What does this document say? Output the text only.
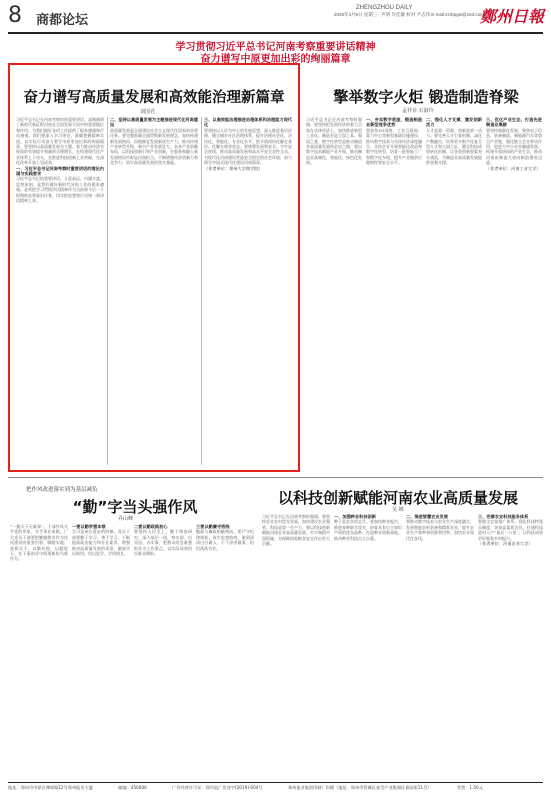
8 商都论坛
ZHENGZHOU DAILY
2025年4月9日 星期三 · 声明 许佳璇 校对 尹志伟 E-mail:zzrbpgw@163.com
鄭州日報
学习贯彻习近平总书记河南考察重要讲话精神
奋力谱写中原更加出彩的绚丽篇章
奋力谱写高质量发展和高效能治理新篇章
刘国君
习近平总书记在河南考察时的重要讲话，深刻阐明了新时代新征程河南在全国发展大局中的重要地位和作用，为我们做好各项工作提供了根本遵循和行动指南。我们要深入学习领会，准确把握精神实质，以实际行动奋力谱写中原更加出彩的绚丽篇章。要坚持以高质量发展为主题，着力推动经济实现质的有效提升和量的合理增长，在构建现代化产业体系上下功夫，在推进科技创新上求突破，在深化改革开放上见成效。
一、习近平总书记河南考察时重要讲话的理论内涵与实践要求
习近平总书记的重要讲话，立意高远、内涵丰富、思想深刻，是我们做好新时代河南工作的根本遵循。必须把学习贯彻讲话精神作为当前和今后一个时期的首要政治任务，切实把思想和行动统一到讲话精神上来。
二、坚持以高质量发展为主题推进现代化河南建设
高质量发展是全面建设社会主义现代化国家的首要任务。要完整准确全面贯彻新发展理念，加快构建新发展格局，因地制宜发展新质生产力，推动传统产业转型升级、新兴产业发展壮大、未来产业前瞻布局，以科技创新引领产业创新，在服务和融入新发展格局中彰显河南担当，不断增强经济创新力和竞争力，筑牢高质量发展的坚实基础。
三、以高效能治理推进治理体系和治理能力现代化
要坚持以人民为中心的发展思想，深入推进基层治理，健全城乡社区治理体系，提升治理社会化、法治化、智能化、专业化水平，把矛盾纠纷化解在基层、化解在萌芽状态。要统筹发展和安全，守牢安全底线，推动高质量发展和高水平安全良性互动，为现代化河南建设营造安全稳定的社会环境，奋力谱写中国式现代化建设河南篇章。
（作者单位：郑州大学商学院）
擎举数字火炬 锻造制造脊梁
孟祥菲 石淑玲
习近平总书记在河南考察时强调，要坚持把发展经济的着力点放在实体经济上，加快推进新型工业化。制造业是立国之本、强国之基，数字化转型是推动制造业高质量发展的必由之路，要以数字技术赋能产业升级，推动制造业高端化、智能化、绿色化发展。
一、夯实数字底座，锻造制造业新型竞争优势
要加快5G网络、工业互联网、算力中心等新型基础设施建设，推动数字技术与实体经济深度融合，支持企业开展智能化改造和数字化转型，培育一批智能工厂和数字化车间，提升产业链供应链韧性和安全水平。
二、强化人才支撑，激发创新活力
人才是第一资源，创新是第一动力。要完善人才引育机制，深化产教融合，培养更多数字化复合型人才和大国工匠，健全科技成果转化机制，让各类创新要素充分涌流，为制造业高质量发展提供坚强支撑。
三、优化产业生态，打造先进制造业集群
要坚持集群化发展，聚焦电子信息、装备制造、新能源汽车等重点产业链，强化链主企业带动作用，促进大中小企业融通发展，构建开放协同的产业生态，推动河南由制造大省向制造强省迈进。
（作者单位：河南工业大学）
把作风改进落实到为基层减负
“勤”字当头强作风
乔山峰
“一勤天下无难事”。干部作风关乎党的形象，关乎事业成败。广大党员干部要把勤勉敬业作为作风建设的重要内容，脚踏实地、真抓实干，以勤补拙、以勤促干，在干事创业中展现新担当新作为。
一要以勤学强本领
学习是成长进步的阶梯。党员干部要勤于学习、善于学习，不断提高政治能力和专业素养，增强推动高质量发展的本领，做到学以致用、用以促学、学用相长。
二要以勤政践初心
要坚持人民至上，勤于调查研究，深入基层一线，察实情、出实招、办实事，把群众的急难愁盼作为工作重点，以实际成效回应群众期盼。
三要以勤廉守底线
勤政与廉政相辅相成。要严守纪律规矩，筑牢思想防线，做到清清白白做人、干干净净做事、坦坦荡荡为官。
以科技创新赋能河南农业高质量发展
吴 锦
习近平总书记在河南考察时强调，要坚持农业农村优先发展，加快建设农业强省。科技是第一生产力，要以科技创新赋能河南农业高质量发展，牢牢端稳中国饭碗，为保障国家粮食安全作出更大贡献。
一、加强种业科技创新
种子是农业的芯片。要加快种业振兴，推进育种联合攻关，培育具有自主知识产权的优良品种，打造种业创新高地，推动种业科技自立自强。
二、推进智慧农业发展
要推动数字技术与农业生产深度融合，发展智能农机装备和精准农业，提升农业生产效率和资源利用率，加快农业现代化步伐。
三、完善农业科技服务体系
要健全农技推广体系，强化科技特派员制度，培育高素质农民，打通科技进村入户“最后一公里”，让科技成果更好服务乡村振兴。
（作者单位：河南农业大学）
地址：郑州市中原区博颂路12号郑州报业大厦	邮编：450006	广告经营许可证：郑市监广发登字[2019]-004号	郑州报业集团印刷厂印刷（地址：郑州市管城区金岱产业集聚区嘉园街11号）	零售：1.50元
